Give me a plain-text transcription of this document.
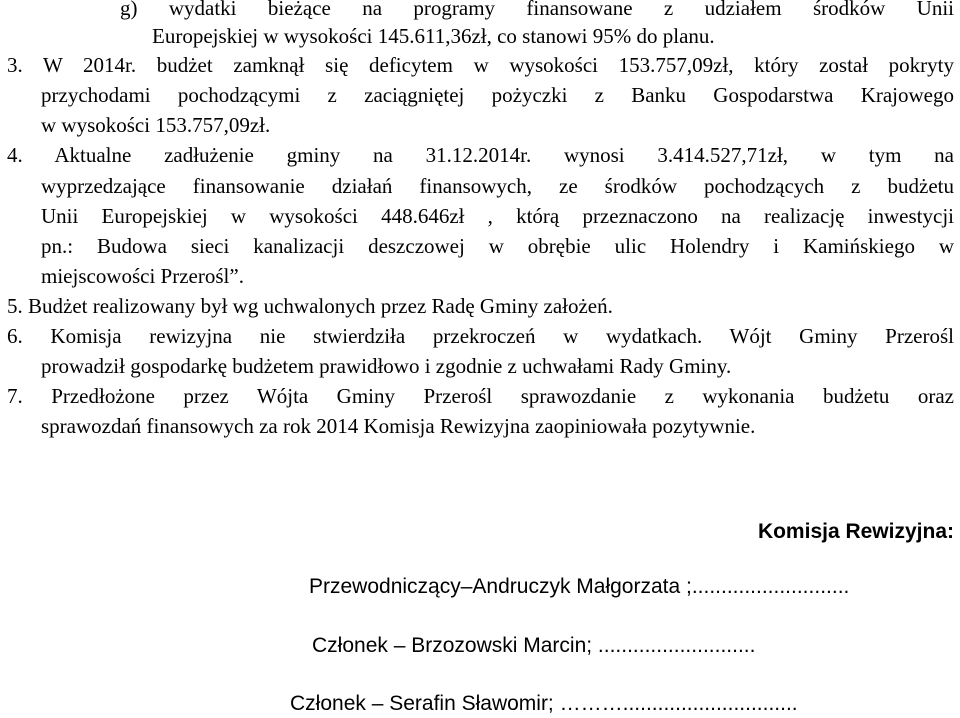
g) wydatki bieżące na programy finansowane z udziałem środków Unii
Europejskiej w wysokości 145.611,36zł, co stanowi 95% do planu.
3. W 2014r. budżet zamknął się deficytem w wysokości 153.757,09zł, który został pokryty
przychodami pochodzącymi z zaciągniętej pożyczki z Banku Gospodarstwa Krajowego
w wysokości 153.757,09zł.
4. Aktualne zadłużenie gminy na 31.12.2014r. wynosi 3.414.527,71zł, w tym na
wyprzedzające finansowanie działań finansowych, ze środków pochodzących z budżetu
Unii Europejskiej w wysokości 448.646zł , którą przeznaczono na realizację inwestycji
pn.: Budowa sieci kanalizacji deszczowej w obrębie ulic Holendry i Kamińskiego w
miejscowości Przerośl”.
5. Budżet realizowany był wg uchwalonych przez Radę Gminy założeń.
6. Komisja rewizyjna nie stwierdziła przekroczeń w wydatkach. Wójt Gminy Przerośl
prowadził gospodarkę budżetem prawidłowo i zgodnie z uchwałami Rady Gminy.
7. Przedłożone przez Wójta Gminy Przerośl sprawozdanie z wykonania budżetu oraz
sprawozdań finansowych za rok 2014 Komisja Rewizyjna zaopiniowała pozytywnie.
Komisja Rewizyjna:
Przewodniczący–Andruczyk Małgorzata ;...........................
Członek – Brzozowski Marcin; ...........................
Członek – Serafin Sławomir; ………..............................
